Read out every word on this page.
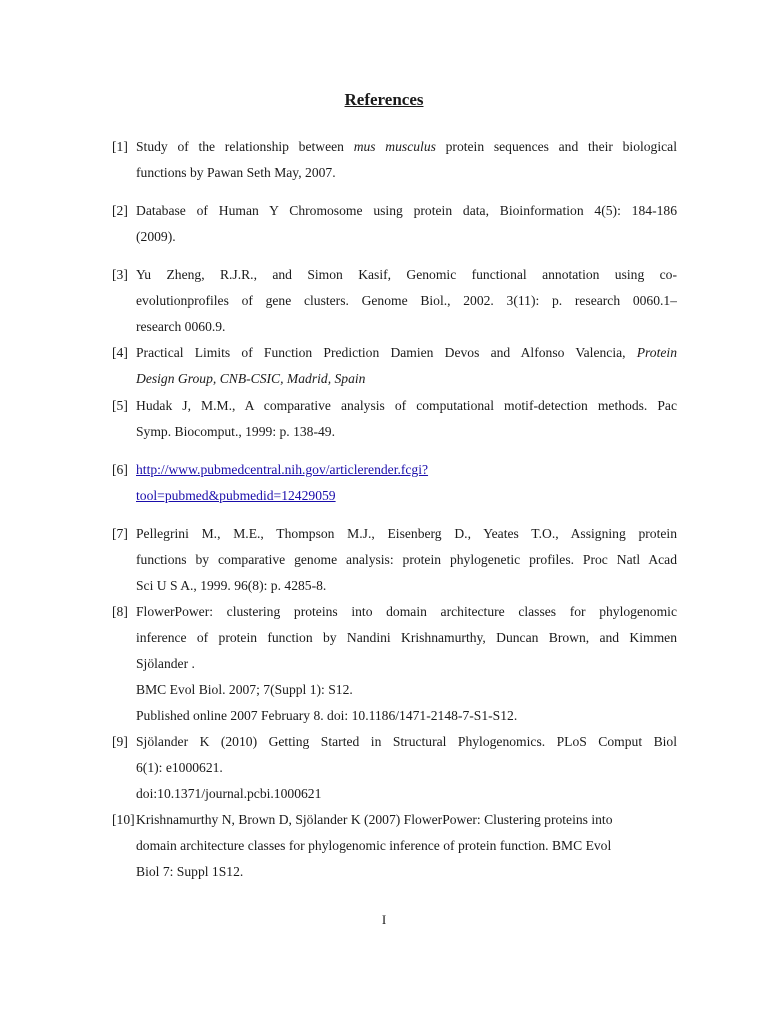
References
[1] Study of the relationship between mus musculus protein sequences and their biological
functions by Pawan Seth May, 2007.
[2] Database of Human Y Chromosome using protein data, Bioinformation 4(5): 184-186
(2009).
[3] Yu Zheng, R.J.R., and Simon Kasif, Genomic functional annotation using co-
evolutionprofiles of gene clusters. Genome Biol., 2002. 3(11): p. research 0060.1–
research 0060.9.
[4] Practical Limits of Function Prediction Damien Devos and Alfonso Valencia, Protein
Design Group, CNB-CSIC, Madrid, Spain
[5] Hudak J, M.M., A comparative analysis of computational motif-detection methods. Pac
Symp. Biocomput., 1999: p. 138-49.
[6] http://www.pubmedcentral.nih.gov/articlerender.fcgi?
tool=pubmed&pubmedid=12429059
[7] Pellegrini M., M.E., Thompson M.J., Eisenberg D., Yeates T.O., Assigning protein
functions by comparative genome analysis: protein phylogenetic profiles. Proc Natl Acad
Sci U S A., 1999. 96(8): p. 4285-8.
[8] FlowerPower: clustering proteins into domain architecture classes for phylogenomic
inference of protein function by Nandini Krishnamurthy, Duncan Brown, and Kimmen
Sjölander .
BMC Evol Biol. 2007; 7(Suppl 1): S12.
Published online 2007 February 8. doi: 10.1186/1471-2148-7-S1-S12.
[9] Sjölander K (2010) Getting Started in Structural Phylogenomics. PLoS Comput Biol
6(1): e1000621.
doi:10.1371/journal.pcbi.1000621
[10] Krishnamurthy N, Brown D, Sjölander K (2007) FlowerPower: Clustering proteins into
domain architecture classes for phylogenomic inference of protein function. BMC Evol
Biol 7: Suppl 1S12.
I
